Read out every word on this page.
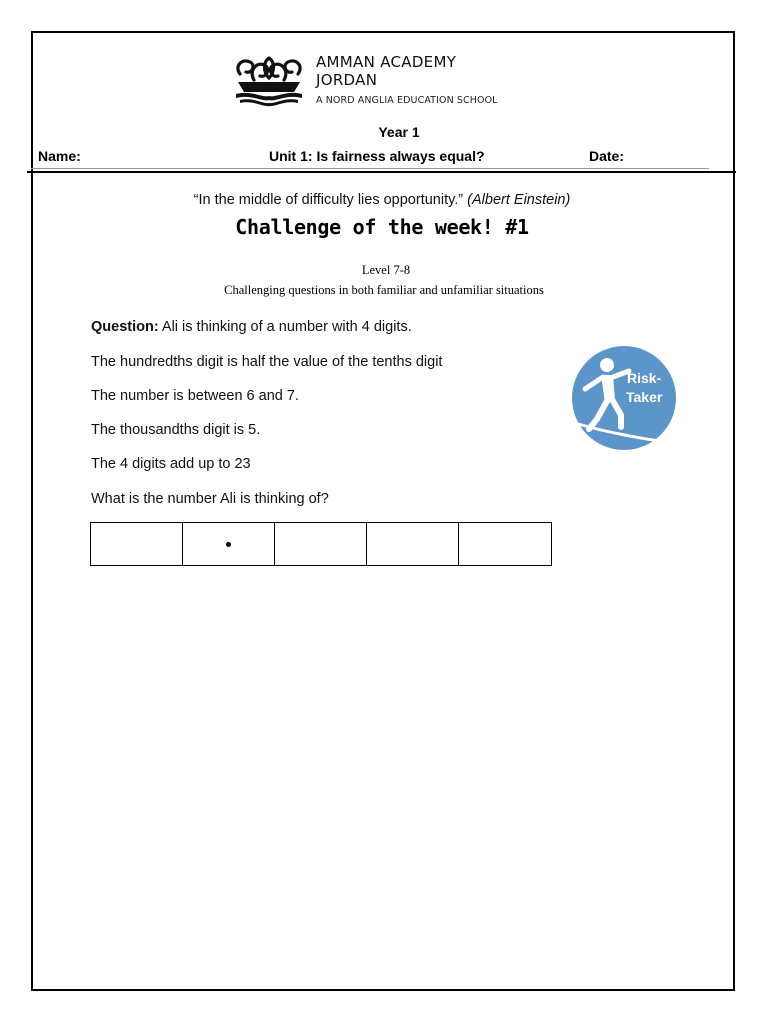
AMMAN ACADEMY
JORDAN
A NORD ANGLIA EDUCATION SCHOOL
Year 1
Name:	Unit 1: Is fairness always equal?	Date:
“In the middle of difficulty lies opportunity.” (Albert Einstein)
Challenge of the week! #1
Level 7-8
Challenging questions in both familiar and unfamiliar situations
Question: Ali is thinking of a number with 4 digits.
The hundredths digit is half the value of the tenths digit
The number is between 6 and 7.
The thousandths digit is 5.
The 4 digits add up to 23
What is the number Ali is thinking of?
Risk-
Taker
